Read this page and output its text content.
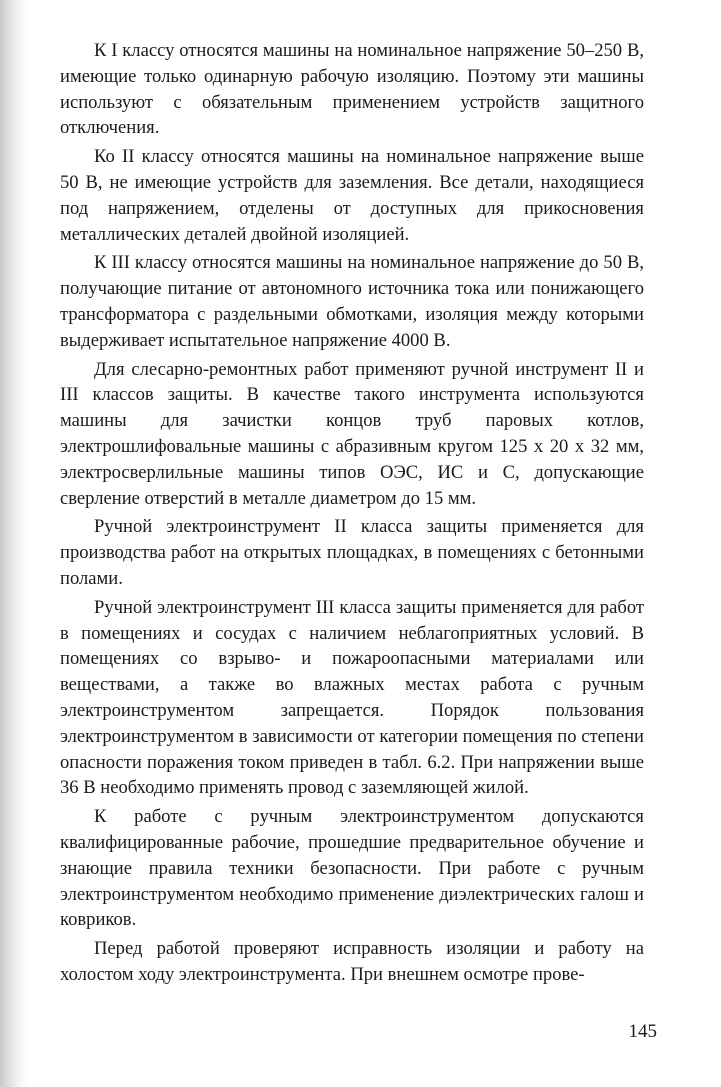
К I классу относятся машины на номинальное напряжение 50–250 В, имеющие только одинарную рабочую изоляцию. Поэтому эти машины используют с обязательным применением устройств защитного отключения.

Ко II классу относятся машины на номинальное напряжение выше 50 В, не имеющие устройств для заземления. Все детали, находящиеся под напряжением, отделены от доступных для прикосновения металлических деталей двойной изоляцией.

К III классу относятся машины на номинальное напряжение до 50 В, получающие питание от автономного источника тока или понижающего трансформатора с раздельными обмотками, изоляция между которыми выдерживает испытательное напряжение 4000 В.

Для слесарно-ремонтных работ применяют ручной инструмент II и III классов защиты. В качестве такого инструмента используются машины для зачистки концов труб паровых котлов, электрошлифовальные машины с абразивным кругом 125 х 20 х 32 мм, электросверлильные машины типов ОЭС, ИС и С, допускающие сверление отверстий в металле диаметром до 15 мм.

Ручной электроинструмент II класса защиты применяется для производства работ на открытых площадках, в помещениях с бетонными полами.

Ручной электроинструмент III класса защиты применяется для работ в помещениях и сосудах с наличием неблагоприятных условий. В помещениях со взрыво- и пожароопасными материалами или веществами, а также во влажных местах работа с ручным электроинструментом запрещается. Порядок пользования электроинструментом в зависимости от категории помещения по степени опасности поражения током приведен в табл. 6.2. При напряжении выше 36 В необходимо применять провод с заземляющей жилой.

К работе с ручным электроинструментом допускаются квалифицированные рабочие, прошедшие предварительное обучение и знающие правила техники безопасности. При работе с ручным электроинструментом необходимо применение диэлектрических галош и ковриков.

Перед работой проверяют исправность изоляции и работу на холостом ходу электроинструмента. При внешнем осмотре прове-

145
